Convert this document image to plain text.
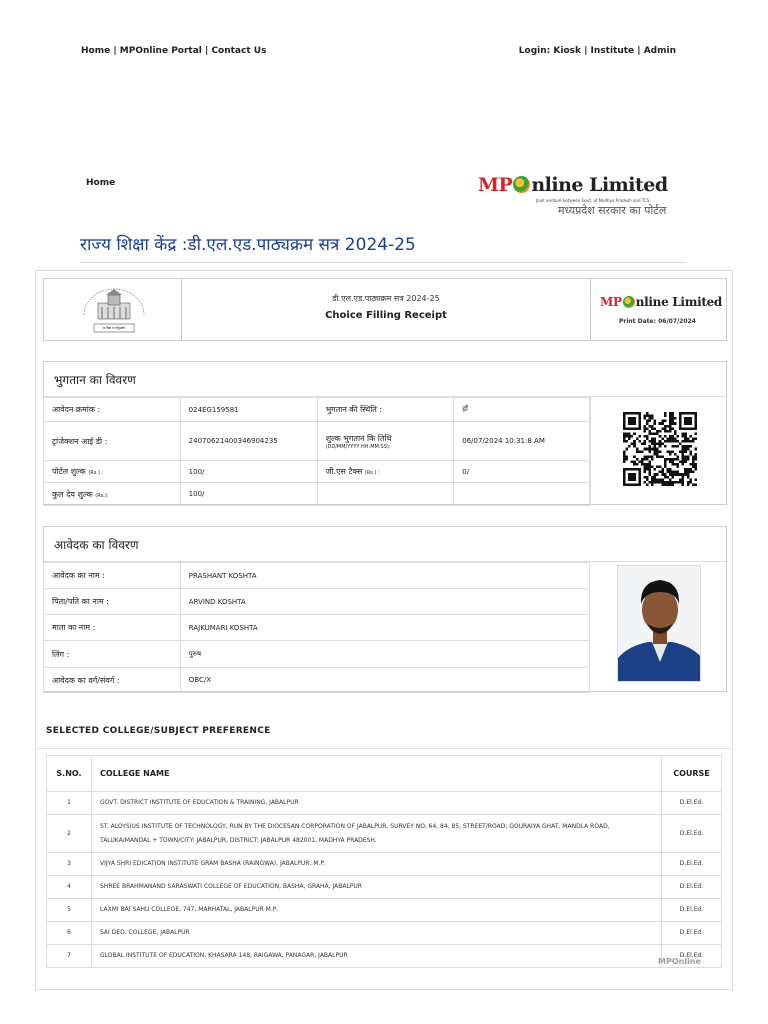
Home | MPOnline Portal | Contact Us	Login: Kiosk | Institute | Admin
Home	MP nline Limited
Joint venture between Govt. of Madhya Pradesh and TCS
मध्यप्रदेश सरकार का पोर्टल
राज्य शिक्षा केंद्र :डी.एल.एड.पाठ्यक्रम सत्र 2024-25
स विद्या या विमुक्तये
डी.एल.एड.पाठ्यक्रम सत्र 2024-25
Choice Filling Receipt
MP nline Limited
Print Date: 06/07/2024
भुगतान का विवरण
आवेदन क्रमांक :	024EG159581	भुगतान की स्थिति :	हाँ
ट्रांजेक्शन आई डी :	24070621400346904235	शुल्क भुगतान कि तिथि
(DD/MM/YYYY HH:MM:SS):	06/07/2024 10:31:8 AM
पोर्टल शुल्क (Rs.) :	100/	जी.एस टैक्स (Rs.) :	0/
कुल देय शुल्क (Rs.):	100/		
आवेदक का विवरण
आवेदक का नाम :	PRASHANT KOSHTA
पिता/पति का नाम :	ARVIND KOSHTA
माता का नाम :	RAJKUMARI KOSHTA
लिंग :	पुरुष
आवेदक का वर्ग/संवर्ग :	OBC/X
SELECTED COLLEGE/SUBJECT PREFERENCE
S.NO.	COLLEGE NAME	COURSE
1	GOVT. DISTRICT INSTITUTE OF EDUCATION & TRAINING, JABALPUR	D.El.Ed.
2	ST. ALOYSIUS INSTITUTE OF TECHNOLOGY, RUN BY THE DIOCESAN CORPORATION OF JABALPUR, SURVEY NO. 64, 84, 85, STREET/ROAD: GOURAIYA GHAT, MANDLA ROAD, TALUKA/MANDAL + TOWN/CITY: JABALPUR, DISTRICT: JABALPUR 482001, MADHYA PRADESH.	D.El.Ed.
3	VIJYA SHRI EDICATION INSTITUTE GRAM BASHA (RAINGWA), JABALPUR, M.P.	D.El.Ed.
4	SHREE BRAHMANAND SARASWATI COLLEGE OF EDUCATION, BASHA, GRAHA, JABALPUR	D.El.Ed.
5	LAXMI BAI SAHU COLLEGE, 747, MARHATAL, JABALPUR M.P.	D.El.Ed.
6	SAI DED. COLLEGE, JABALPUR	D.El.Ed.
7	GLOBAL INSTITUTE OF EDUCATION, KHASARA 148, RAIGAWA, PANAGAR, JABALPUR	D.El.Ed.
MPOnline
